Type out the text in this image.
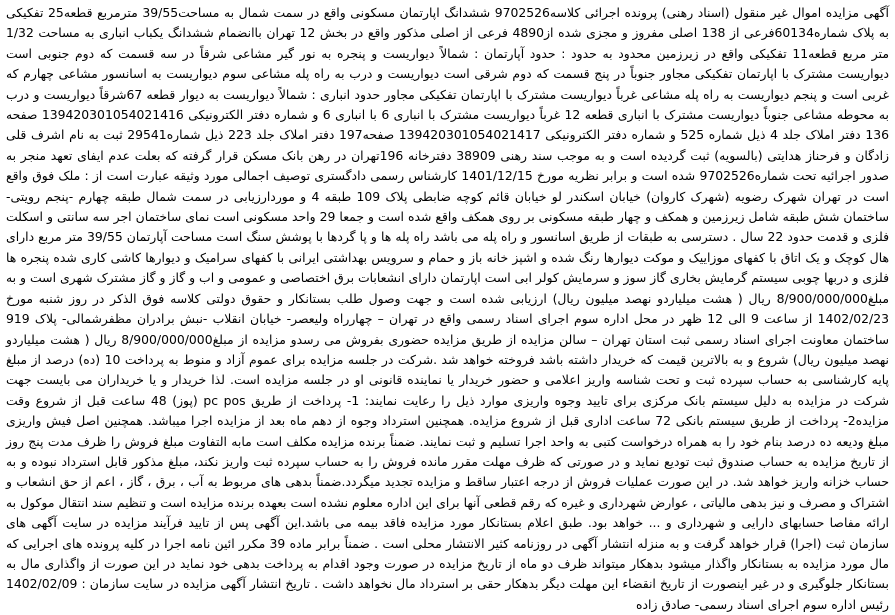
آگهی مزایده اموال غیر منقول (اسناد رهنی) پرونده اجرائی کلاسه9702526 ششدانگ اپارتمان مسکونی واقع در سمت شمال به مساحت39/55 مترمربع قطعه25 تفکیکی به پلاک شماره60134فرعی از 138 اصلی مفروز و مجزی شده از4890 فرعی از اصلی مذکور واقع در بخش 12 تهران باانضمام ششدانگ یکباب انباری به مساحت 1/32 متر مربع قطعه11 تفکیکی واقع در زیرزمین محدود به حدود : حدود آپارتمان : شمالاً دیواریست و پنجره به نور گیر مشاعی شرقاً در سه قسمت که دوم جنوبی است دیواریست مشترک با اپارتمان تفکیکی مجاور جنوباً در پنج قسمت که دوم شرقی است دیواریست و درب به راه پله مشاعی سوم دیواریست به اسانسور مشاعی چهارم که غربی است و پنجم دیواریست به راه پله مشاعی غرباً دیواریست مشترک با اپارتمان تفکیکی مجاور حدود انباری : شمالاً دیواریست به دیوار قطعه 67شرقاً دیواریست و درب به محوطه مشاعی جنوباً دیواریست مشترک با انباری قطعه 12 غرباً دیواریست مشترک با انباری 6 با انباری 6 و شماره دفتر الکترونیکی 139420301054021416 صفحه 136 دفتر املاک جلد 4 ذیل شماره 525 و شماره دفتر الکترونیکی 139420301054021417 صفحه197 دفتر املاک جلد 223 ذیل شماره29541 ثبت به نام اشرف قلی زادگان و فرحناز هدایتی (بالسویه) ثبت گردیده است و به موجب سند رهنی 38909 دفترخانه 196تهران در رهن بانک مسکن قرار گرفته که بعلت عدم ایفای تعهد منجر به صدور اجرائیه تحت شماره9702526 شده است و برابر نظریه مورخ 1401/12/15 کارشناس رسمی دادگستری توصیف اجمالی مورد وثیقه عبارت است از : ملک فوق واقع است در تهران شهرک رضویه (شهرک کاروان) خیابان اسکندر لو خیابان قائم کوچه ضابطی پلاک 109 طبقه 4 و موردارزیابی در سمت شمال طبقه چهارم -پنجم رویتی- ساختمان شش طبقه شامل زیرزمین و همکف و چهار طبقه مسکونی بر روی همکف واقع شده است و جمعا 29 واحد مسکونی است نمای ساختمان اجر سه سانتی و اسکلت فلزی و قدمت حدود 22 سال . دسترسی به طبقات از طریق اسانسور و راه پله می باشد راه پله ها و پا گردها با پوشش سنگ است مساحت آپارتمان 39/55 متر مربع دارای هال کوچک و یک اتاق با کفهای موزاییک و موکت دیوارها رنگ شده و اشپز خانه باز و حمام و سرویس بهداشتی ایرانی با کفهای سرامیک و دیوارها کاشی کاری شده پنجره ها فلزی و دربها چوبی سیستم گرمایش بخاری گاز سوز و سرمایش کولر ابی است اپارتمان دارای انشعابات برق اختصاصی و عمومی و اب و گاز و گاز مشترک شهری است و به مبلغ8/900/000/000 ریال ( هشت میلیاردو نهصد میلیون ریال) ارزیابی شده است و جهت وصول طلب بستانکار و حقوق دولتی کلاسه فوق الذکر در روز شنبه مورخ 1402/02/23 از ساعت 9 الی 12 ظهر در محل اداره سوم اجرای اسناد رسمی واقع در تهران – چهارراه ولیعصر- خیابان انقلاب -نبش برادران مظفرشمالی- پلاک 919 ساختمان معاونت اجرای اسناد رسمی ثبت استان تهران – سالن مزایده از طریق مزایده حضوری بفروش می رسدو مزایده از مبلغ8/900/000/000 ریال ( هشت میلیاردو نهصد میلیون ریال) شروع و به بالاترین قیمت که خریدار داشته باشد فروخته خواهد شد .شرکت در جلسه مزایده برای عموم آزاد و منوط به پرداخت 10 (ده) درصد از مبلغ پایه کارشناسی به حساب سپرده ثبت و تحت شناسه واریز اعلامی و حضور خریدار یا نماینده قانونی او در جلسه مزایده است. لذا خریدار و یا خریداران می بایست جهت شرکت در مزایده به دلیل سیستم بانک مرکزی برای تایید وجوه واریزی موارد ذیل را رعایت نمایند: 1- پرداخت از طریق pc pos (پوز) 48 ساعت قبل از شروع وقت مزایده2- پرداخت از طریق سیستم بانکی 72 ساعت اداری قبل از شروع مزایده. همچنین استرداد وجوه از دهم ماه بعد از مزایده اجرا میباشد. همچنین اصل فیش واریزی مبلغ ودیعه ده درصد بنام خود را به همراه درخواست کتبی به واحد اجرا تسلیم و ثبت نمایند. ضمناً برنده مزایده مکلف است مابه التفاوت مبلغ فروش را ظرف مدت پنج روز از تاریخ مزایده به حساب صندوق ثبت تودیع نماید و در صورتی که ظرف مهلت مقرر مانده فروش را به حساب سپرده ثبت واریز نکند، مبلغ مذکور قابل استرداد نبوده و به حساب خزانه واریز خواهد شد. در این صورت عملیات فروش از درجه اعتبار ساقط و مزایده تجدید میگردد.ضمناً بدهی های مربوط به آب ، برق ، گاز ، اعم از حق انشعاب و اشتراک و مصرف و نیز بدهی مالیاتی ، عوارض شهرداری و غیره که رقم قطعی آنها برای این اداره معلوم نشده است بعهده برنده مزایده است و تنظیم سند انتقال موکول به ارائه مفاصا حسابهای دارایی و شهرداری و ... خواهد بود. طبق اعلام بستانکار مورد مزایده فاقد بیمه می باشد.این آگهی پس از تایید فرآیند مزایده در سایت آگهی های سازمان ثبت (اجرا) قرار خواهد گرفت و به منزله انتشار آگهی در روزنامه کثیر الانتشار محلی است . ضمناً برابر ماده 39 مکرر ائین نامه اجرا در کلیه پرونده های اجرایی که مال مورد مزایده به بستانکار واگذار میشود بدهکار میتواند ظرف دو ماه از تاریخ مزایده در صورت وجود اقدام به پرداخت بدهی خود نماید در این صورت از واگذاری مال به بستانکار جلوگیری و در غیر اینصورت از تاریخ انقضاء این مهلت دیگر بدهکار حقی بر استرداد مال نخواهد داشت . تاریخ انتشار آگهی مزایده در سایت سازمان : 1402/02/09 رئیس اداره سوم اجرای اسناد رسمی- صادق زاده
